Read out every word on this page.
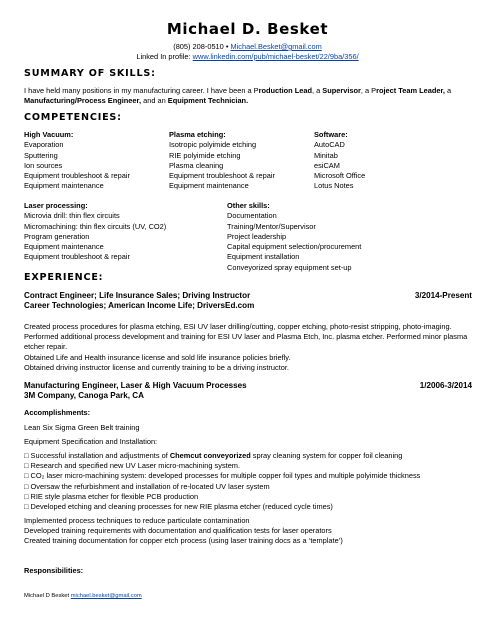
Michael D. Besket
(805) 208-0510 • Michael.Besket@gmail.com
Linked In profile: www.linkedin.com/pub/michael-besket/22/9ba/356/
SUMMARY OF SKILLS:
I have held many positions in my manufacturing career. I have been a Production Lead, a Supervisor, a Project Team Leader, a Manufacturing/Process Engineer, and an Equipment Technician.
COMPETENCIES:
High Vacuum:
Evaporation
Sputtering
Ion sources
Equipment troubleshoot & repair
Equipment maintenance
Plasma etching:
Isotropic polyimide etching
RIE polyimide etching
Plasma cleaning
Equipment troubleshoot & repair
Equipment maintenance
Software:
AutoCAD
Minitab
esiCAM
Microsoft Office
Lotus Notes
Laser processing:
Microvia drill: thin flex circuits
Micromachining: thin flex circuits (UV, CO2)
Program generation
Equipment maintenance
Equipment troubleshoot & repair
Other skills:
Documentation
Training/Mentor/Supervisor
Project leadership
Capital equipment selection/procurement
Equipment installation
Conveyorized spray equipment set-up
EXPERIENCE:
Contract Engineer; Life Insurance Sales; Driving Instructor	3/2014-Present
Career Technologies; American Income Life; DriversEd.com
Created process procedures for plasma etching, ESI UV laser drilling/cutting, copper etching, photo-resist stripping, photo-imaging.
Performed additional process development and training for ESI UV laser and Plasma Etch, Inc. plasma etcher. Performed minor plasma
etcher repair.
Obtained Life and Health insurance license and sold life insurance policies briefly.
Obtained driving instructor license and currently training to be a driving instructor.
Manufacturing Engineer, Laser & High Vacuum Processes	1/2006-3/2014
3M Company, Canoga Park, CA
Accomplishments:
Lean Six Sigma Green Belt training
Equipment Specification and Installation:
□ Successful installation and adjustments of Chemcut conveyorized spray cleaning system for copper foil cleaning
□ Research and specified new UV Laser micro-machining system.
□ CO₂ laser micro-machining system: developed processes for multiple copper foil types and multiple polyimide thickness
□ Oversaw the refurbishment and installation of re-located UV laser system
□ RIE style plasma etcher for flexible PCB production
□ Developed etching and cleaning processes for new RIE plasma etcher (reduced cycle times)
Implemented process techniques to reduce particulate contamination
Developed training requirements with documentation and qualification tests for laser operators
Created training documentation for copper etch process (using laser training docs as a ‘template’)
Responsibilities:
Michael D Besket michael.besket@gmail.com
